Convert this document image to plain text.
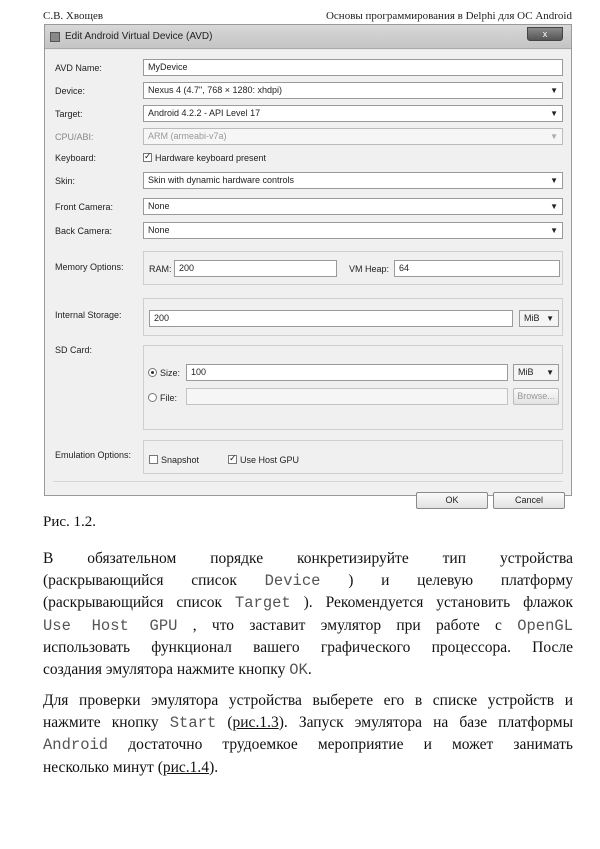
С.В. Хвощев	Основы программирования в Delphi для ОС Android
Edit Android Virtual Device (AVD)	x
AVD Name:	MyDevice
Device:	Nexus 4 (4.7", 768 × 1280: xhdpi)	▼
Target:	Android 4.2.2 - API Level 17	▼
CPU/ABI:	ARM (armeabi-v7a)	▼
Keyboard: ✓	Hardware keyboard present
Skin:	Skin with dynamic hardware controls	▼
Front Camera:	None	▼
Back Camera:	None	▼
Memory Options:	RAM: 200	VM Heap:	64
Internal Storage:	200	MiB ▼
SD Card:
Size:	100	MiB ▼
File:	Browse...
Emulation Options:	Snapshot ✓	Use Host GPU
OK	Cancel
Рис. 1.2.
В обязательном порядке конкретизируйте тип устройства
(раскрывающийся список Device ) и целевую платформу
(раскрывающийся список Target ). Рекомендуется установить флажок
Use Host GPU , что заставит эмулятор при работе с OpenGL
использовать функционал вашего графического процессора. После
создания эмулятора нажмите кнопку OK.
Для проверки эмулятора устройства выберете его в списке устройств и
нажмите кнопку Start (рис.1.3). Запуск эмулятора на базе платформы
Android достаточно трудоемкое мероприятие и может занимать
несколько минут (рис.1.4).
